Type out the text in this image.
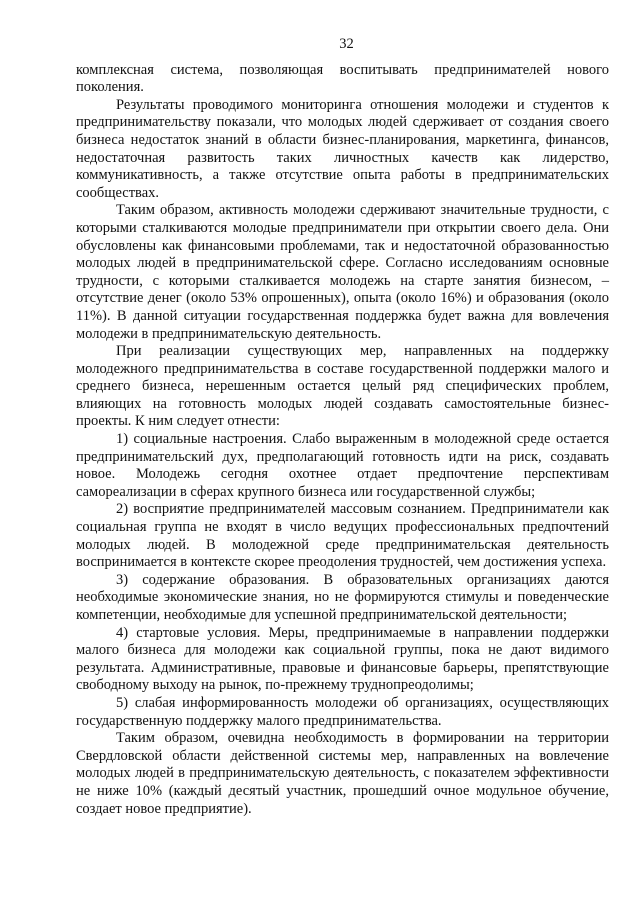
32

комплексная система, позволяющая воспитывать предпринимателей нового поколения.

Результаты проводимого мониторинга отношения молодежи и студентов к предпринимательству показали, что молодых людей сдерживает от создания своего бизнеса недостаток знаний в области бизнес-планирования, маркетинга, финансов, недостаточная развитость таких личностных качеств как лидерство, коммуникативность, а также отсутствие опыта работы в предпринимательских сообществах.

Таким образом, активность молодежи сдерживают значительные трудности, с которыми сталкиваются молодые предприниматели при открытии своего дела. Они обусловлены как финансовыми проблемами, так и недостаточной образованностью молодых людей в предпринимательской сфере. Согласно исследованиям основные трудности, с которыми сталкивается молодежь на старте занятия бизнесом, – отсутствие денег (около 53% опрошенных), опыта (около 16%) и образования (около 11%). В данной ситуации государственная поддержка будет важна для вовлечения молодежи в предпринимательскую деятельность.

При реализации существующих мер, направленных на поддержку молодежного предпринимательства в составе государственной поддержки малого и среднего бизнеса, нерешенным остается целый ряд специфических проблем, влияющих на готовность молодых людей создавать самостоятельные бизнес-проекты. К ним следует отнести:

1) социальные настроения. Слабо выраженным в молодежной среде остается предпринимательский дух, предполагающий готовность идти на риск, создавать новое. Молодежь сегодня охотнее отдает предпочтение перспективам самореализации в сферах крупного бизнеса или государственной службы;

2) восприятие предпринимателей массовым сознанием. Предприниматели как социальная группа не входят в число ведущих профессиональных предпочтений молодых людей. В молодежной среде предпринимательская деятельность воспринимается в контексте скорее преодоления трудностей, чем достижения успеха.

3) содержание образования. В образовательных организациях даются необходимые экономические знания, но не формируются стимулы и поведенческие компетенции, необходимые для успешной предпринимательской деятельности;

4) стартовые условия. Меры, предпринимаемые в направлении поддержки малого бизнеса для молодежи как социальной группы, пока не дают видимого результата. Административные, правовые и финансовые барьеры, препятствующие свободному выходу на рынок, по-прежнему труднопреодолимы;

5) слабая информированность молодежи об организациях, осуществляющих государственную поддержку малого предпринимательства.

Таким образом, очевидна необходимость в формировании на территории Свердловской области действенной системы мер, направленных на вовлечение молодых людей в предпринимательскую деятельность, с показателем эффективности не ниже 10% (каждый десятый участник, прошедший очное модульное обучение, создает новое предприятие).
